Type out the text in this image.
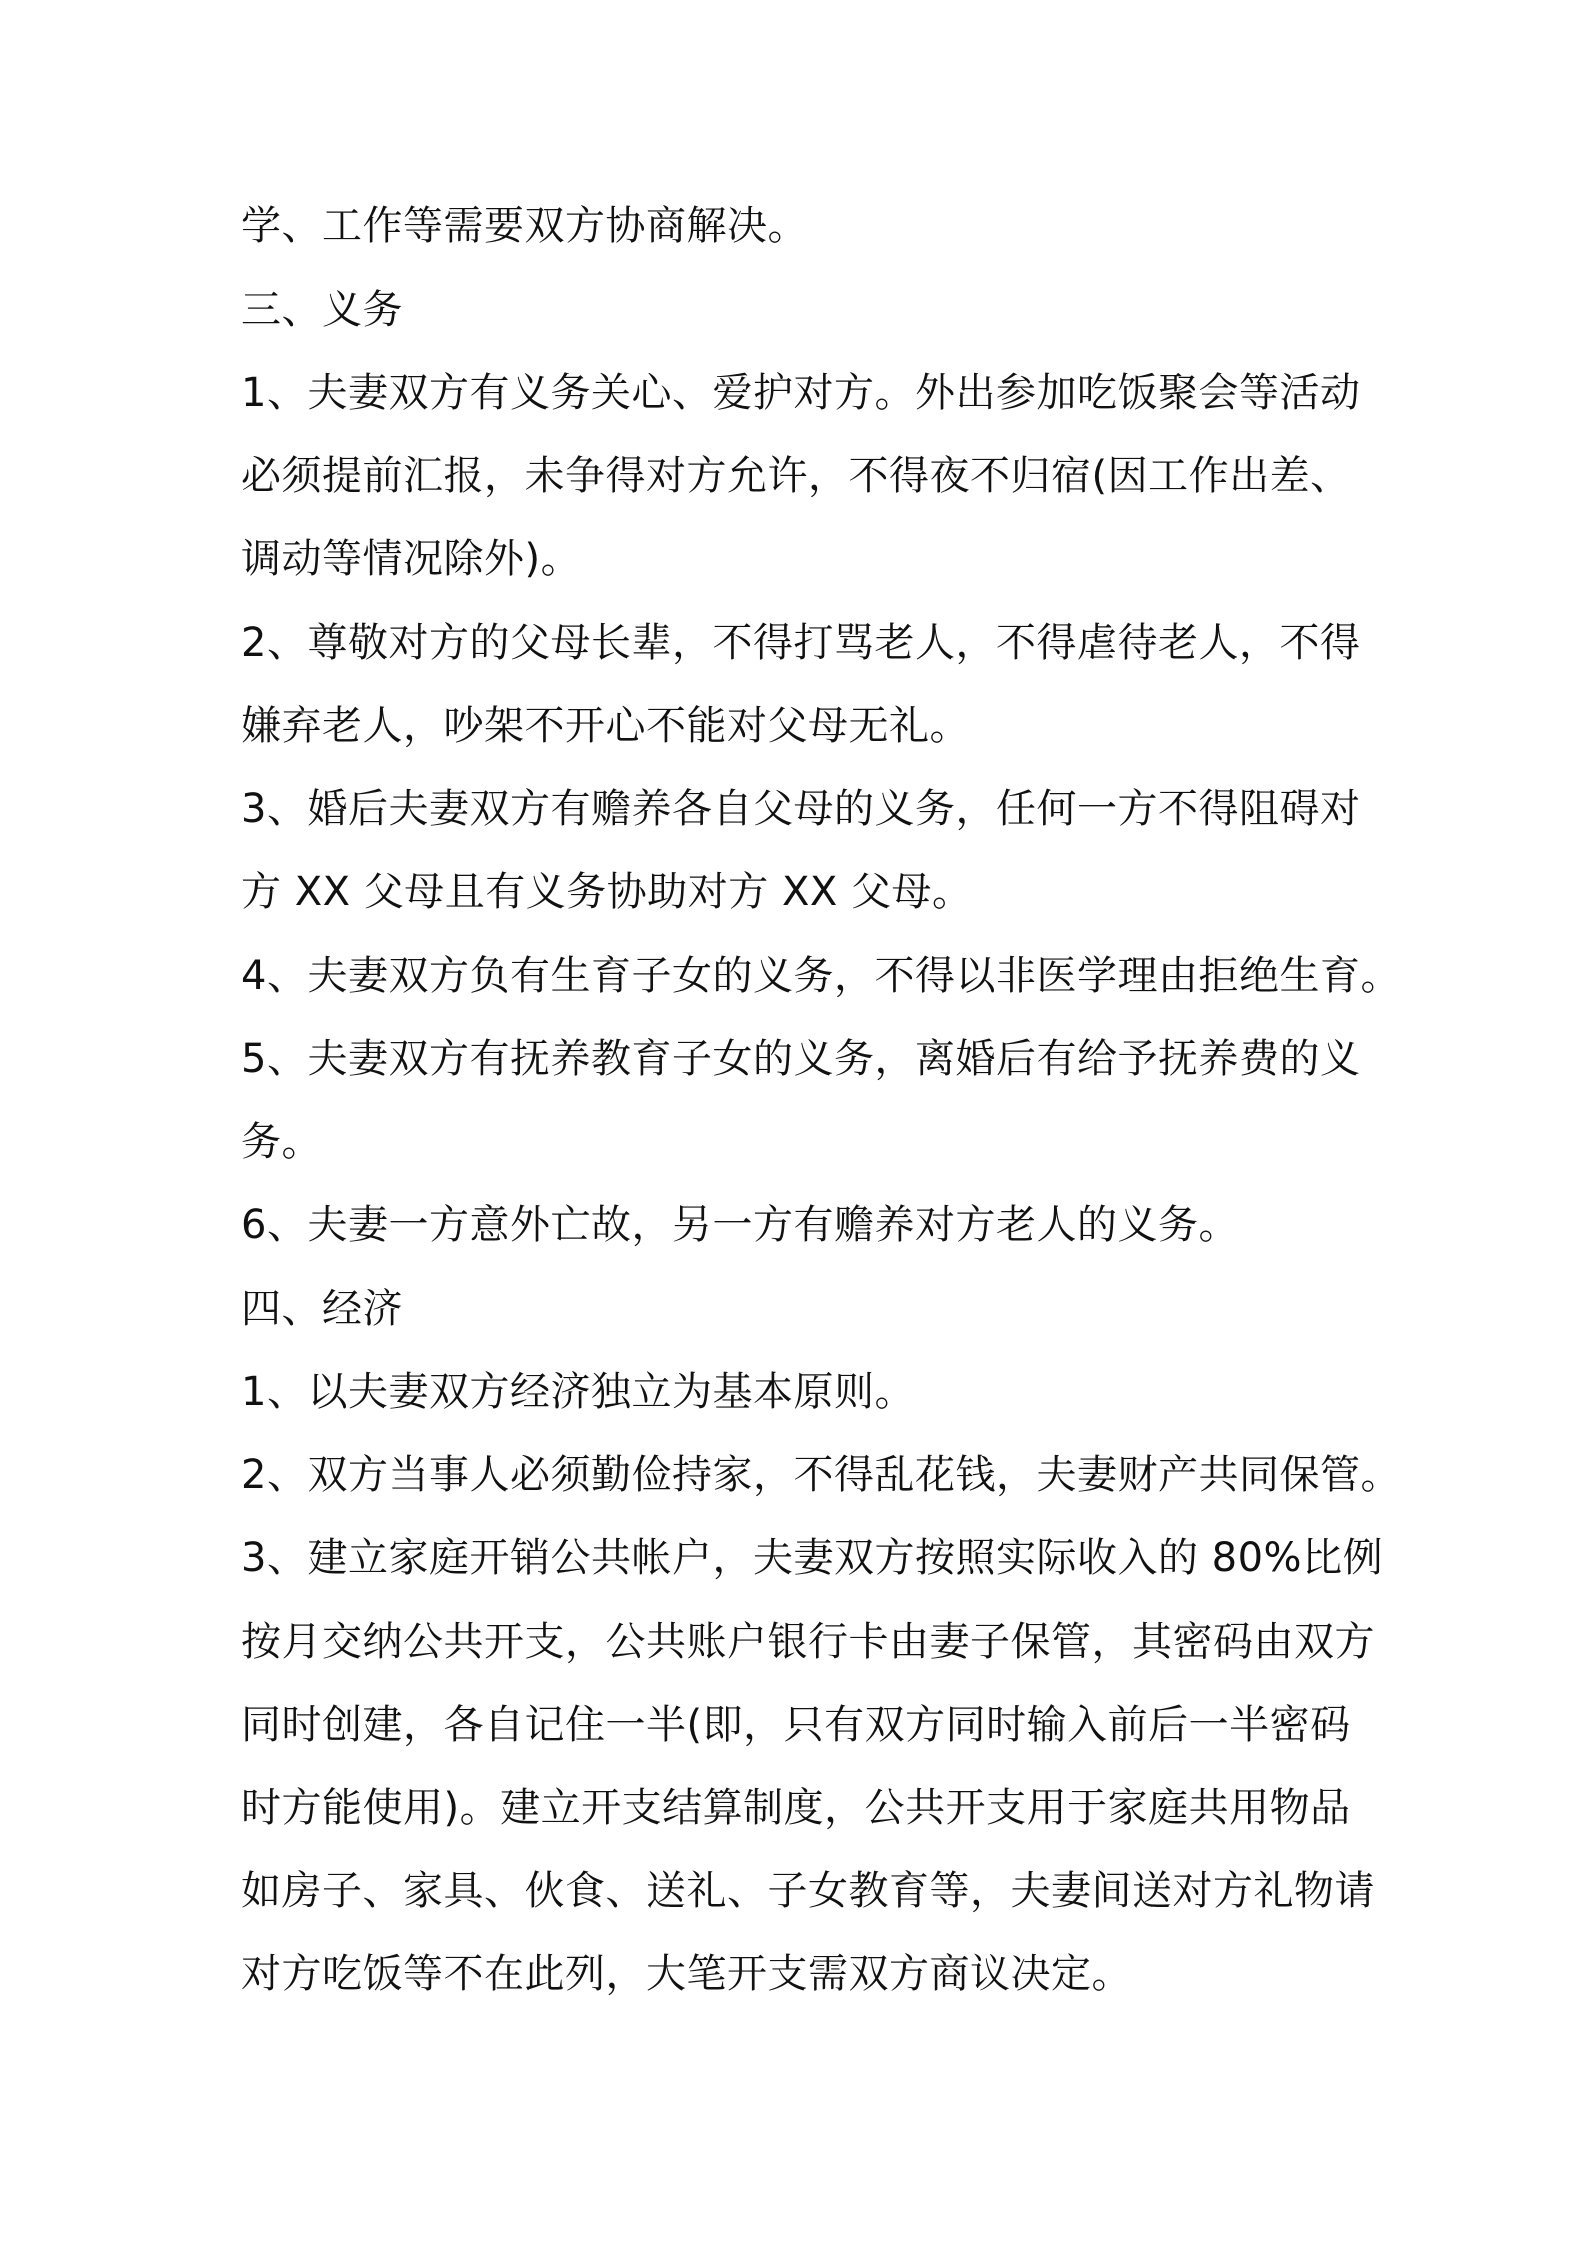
学、工作等需要双方协商解决。

三、义务

1、夫妻双方有义务关心、爱护对方。外出参加吃饭聚会等活动

必须提前汇报，未争得对方允许，不得夜不归宿(因工作出差、

调动等情况除外)。

2、尊敬对方的父母长辈，不得打骂老人，不得虐待老人，不得

嫌弃老人，吵架不开心不能对父母无礼。

3、婚后夫妻双方有赡养各自父母的义务，任何一方不得阻碍对

方 XX 父母且有义务协助对方 XX 父母。

4、夫妻双方负有生育子女的义务，不得以非医学理由拒绝生育。

5、夫妻双方有抚养教育子女的义务，离婚后有给予抚养费的义

务。

6、夫妻一方意外亡故，另一方有赡养对方老人的义务。

四、经济

1、以夫妻双方经济独立为基本原则。

2、双方当事人必须勤俭持家，不得乱花钱，夫妻财产共同保管。

3、建立家庭开销公共帐户，夫妻双方按照实际收入的 80%比例

按月交纳公共开支，公共账户银行卡由妻子保管，其密码由双方

同时创建，各自记住一半(即，只有双方同时输入前后一半密码

时方能使用)。建立开支结算制度，公共开支用于家庭共用物品

如房子、家具、伙食、送礼、子女教育等，夫妻间送对方礼物请

对方吃饭等不在此列，大笔开支需双方商议决定。
